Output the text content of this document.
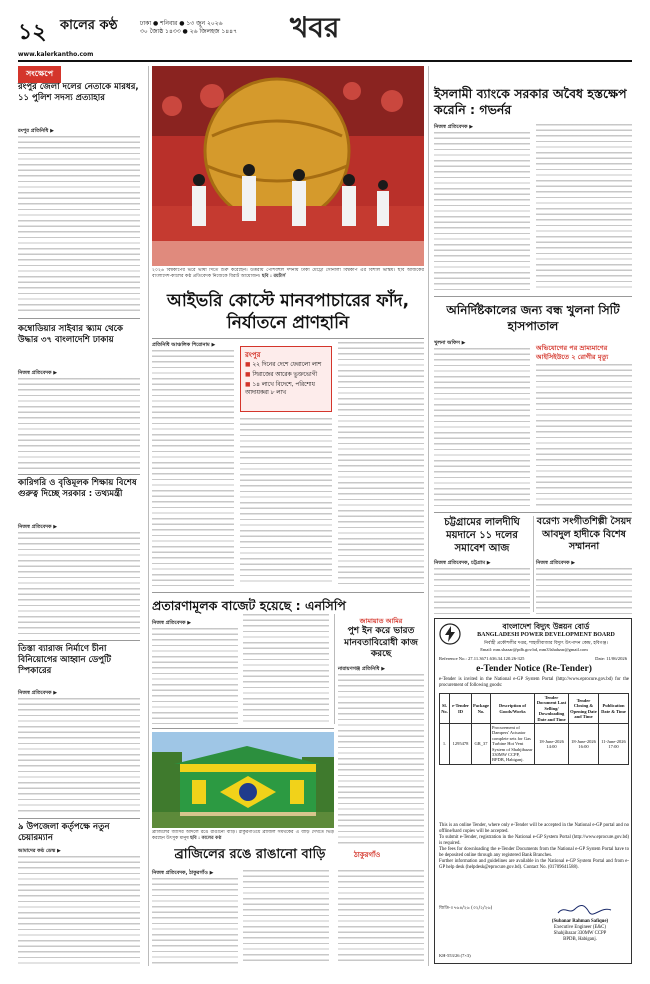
১২ কালের কণ্ঠ	ঢাকা ● শনিবার ● ১৩ জুন ২০২৬
৩০ জ্যৈষ্ঠ ১৪৩৩ ● ২৬ জিলহজ ১৪৪৭
www.kalerkantho.com
খবর
সংক্ষেপে
রংপুর জেলা দলের নেতাকে মারধর, ১১ পুলিশ সদস্য প্রত্যাহার
রংপুর প্রতিনিধি ▶
কম্বোডিয়ার সাইবার স্ক্যাম থেকে উদ্ধার ৩৭ বাংলাদেশি ঢাকায়
নিজস্ব প্রতিবেদক ▶
কারিগরি ও বৃত্তিমূলক শিক্ষায় বিশেষ গুরুত্ব দিচ্ছে সরকার : তথ্যমন্ত্রী
নিজস্ব প্রতিবেদক ▶
তিস্তা ব্যারাজ নির্মাণে চীনা বিনিয়োগের আহ্বান ডেপুটি স্পিকারের
নিজস্ব প্রতিবেদক ▶
৯ উপজেলা কর্তৃপক্ষে নতুন চেয়ারম্যান
আমাদের কণ্ঠ ডেস্ক ▶
২০২৬ বিশ্বকাপের ভরে ভাষা দিতে শুরু করেছেন। উত্তরীয় পেশিবহুল দর্শনীয় ঢাকা মেট্রো সোনালী বিশ্বকাপ এর বিশাল ভাস্কর্য। ছবি আজকের বাংলাদেশ-কালের কণ্ঠ প্রতিবেদক নিজেকে বিরাট আয়োজন। ছবি : রয়টার্স
আইভরি কোস্টে মানবপাচারের ফাঁদ, নির্যাতনে প্রাণহানি
প্রতিনিধি আঞ্চলিক শিরোনাম ▶
রংপুর
■ ২২ দিনের দেশে ফেরালো লাশ
■ সিরাজের আরেক ভুক্তভোগী
■ ১৪ লাখে বিদেশে, পরিশোধ আদায়করা ৮ লাখ
প্রতারণামূলক বাজেট হয়েছে : এনসিপি
নিজস্ব প্রতিবেদক ▶	জামায়াত আমির
পুশ ইন করে ভারত মানবতাবিরোধী কাজ করছে
নারায়ণগঞ্জ প্রতিনিধি ▶
ব্রাজিলের জার্সির আদলে রঙে রাঙানো বাড়ি। ঠাকুরগাঁওয়ে ব্রাজিল সমর্থকের এ বাড়ি দেখতে ভিড় করছেন উৎসুক মানুষ ছবি : কালের কণ্ঠ
ব্রাজিলের রঙে রাঙানো বাড়ি	ঠাকুরগাঁও
নিজস্ব প্রতিবেদক, ঠাকুরগাঁও ▶
ইসলামী ব্যাংকে সরকার অবৈধ হস্তক্ষেপ করেনি : গভর্নর
নিজস্ব প্রতিবেদক ▶
অনির্দিষ্টকালের জন্য বন্ধ খুলনা সিটি হাসপাতাল
খুলনা অফিস ▶
অভিযোগের পর ভ্রাম্যমাণের আইসিইউতে ২ রোগীর মৃত্যু
চট্টগ্রামের লালদীঘি ময়দানে ১১ দলের সমাবেশ আজ
নিজস্ব প্রতিবেদক, চট্টগ্রাম ▶
বরেণ্য সংগীতশিল্পী সৈয়দ আবদুল হাদীকে বিশেষ সম্মাননা
নিজস্ব প্রতিবেদক ▶
বাংলাদেশ বিদ্যুৎ উন্নয়ন বোর্ড
BANGLADESH POWER DEVELOPMENT BOARD
নির্বাহী প্রকৌশলীর দপ্তর, শাহজীবাজার বিদ্যুৎ উৎপাদন কেন্দ্র, হবিগঞ্জ।
Email: mm.shazar@pdb.gov.bd, mm33shahzar@gmail.com
Reference No.: 27.11.3671.636.34.120.26-325	Date: 11/06/2026
e-Tender Notice (Re-Tender)
e-Tender is invited in the National e-GP System Portal (http://www.eprocure.gov.bd) for the procurement of following goods:
Sl. No.	e-Tender ID	Package No.	Description of Goods/Works	Tender Document Last Selling/ Downloading Date and Time	Tender Closing & Opening Date and Time	Publication Date & Time
1.	1295478	GR_37	Procurement of Dampers' Actuator complete sets for Gas Turbine Hot Vent System of Shahjibazar 330MW CCPP, BPDB, Habiganj.	18-June-2026 14:00	18-June-2026 16:00	11-June-2026 17:00
This is an online Tender, where only e-Tender will be accepted in the National e-GP portal and no offline/hard copies will be accepted.
To submit e-Tender, registration in the National e-GP System Portal (http://www.eprocure.gov.bd) is required.
The fees for downloading the e-Tender Documents from the National e-GP System Portal have to be deposited online through any registered Bank Branches.
Further information and guidelines are available in the National e-GP System Portal and from e-GP help desk (helpdesk@eprocure.gov.bd). Contact No. (01709641588).
জিডি-০৭৬৪/২৬ (৩২/২/২৬)
(Subanar Rahman Safique)
Executive Engineer (E&C)
Shahjibazar 330MW CCPP
BPDB, Habiganj.
KH-553/26 (7×3)
